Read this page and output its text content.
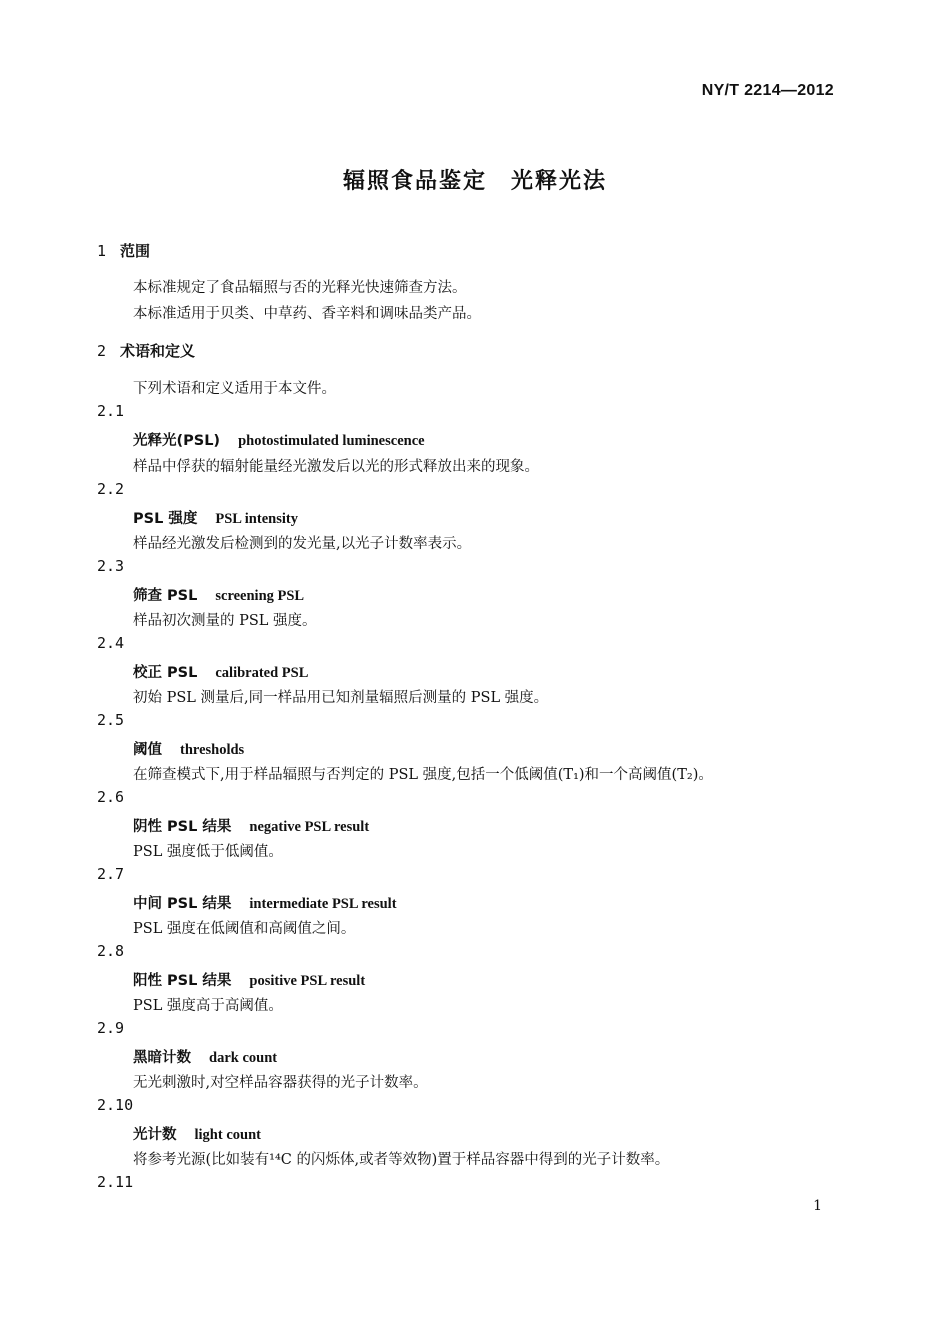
NY/T 2214—2012
辐照食品鉴定　光释光法
1 范围
本标准规定了食品辐照与否的光释光快速筛查方法。
本标准适用于贝类、中草药、香辛料和调味品类产品。
2 术语和定义
下列术语和定义适用于本文件。
2.1
光释光(PSL) photostimulated luminescence
样品中俘获的辐射能量经光激发后以光的形式释放出来的现象。
2.2
PSL 强度 PSL intensity
样品经光激发后检测到的发光量,以光子计数率表示。
2.3
筛查 PSL screening PSL
样品初次测量的 PSL 强度。
2.4
校正 PSL calibrated PSL
初始 PSL 测量后,同一样品用已知剂量辐照后测量的 PSL 强度。
2.5
阈值 thresholds
在筛查模式下,用于样品辐照与否判定的 PSL 强度,包括一个低阈值(T₁)和一个高阈值(T₂)。
2.6
阴性 PSL 结果 negative PSL result
PSL 强度低于低阈值。
2.7
中间 PSL 结果 intermediate PSL result
PSL 强度在低阈值和高阈值之间。
2.8
阳性 PSL 结果 positive PSL result
PSL 强度高于高阈值。
2.9
黑暗计数 dark count
无光刺激时,对空样品容器获得的光子计数率。
2.10
光计数 light count
将参考光源(比如装有¹⁴C 的闪烁体,或者等效物)置于样品容器中得到的光子计数率。
2.11
1
